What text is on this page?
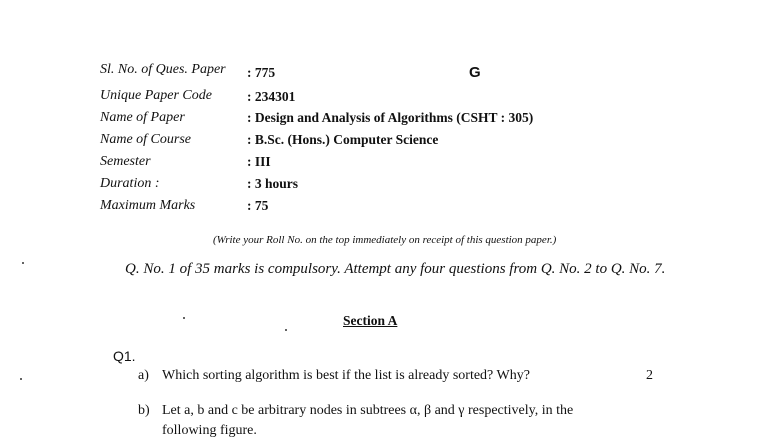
Sl. No. of Ques. Paper : 775	G
Unique Paper Code	: 234301
Name of Paper	: Design and Analysis of Algorithms (CSHT : 305)
Name of Course	: B.Sc. (Hons.) Computer Science
Semester	: III
Duration :	: 3 hours
Maximum Marks	: 75
(Write your Roll No. on the top immediately on receipt of this question paper.)
Q. No. 1 of 35 marks is compulsory. Attempt any four questions from Q. No. 2 to Q. No. 7.
Section A
Q1.
a) Which sorting algorithm is best if the list is already sorted? Why?	2
b) Let a, b and c be arbitrary nodes in subtrees α, β and γ respectively, in the
following figure.
